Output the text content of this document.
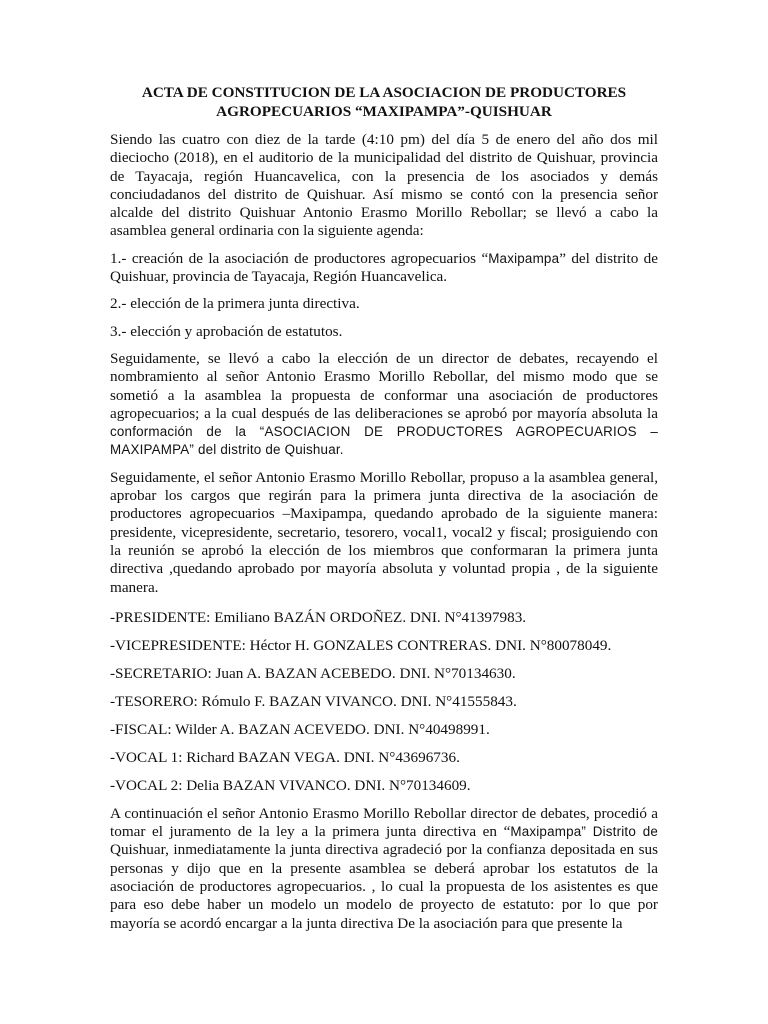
ACTA DE CONSTITUCION DE LA ASOCIACION DE PRODUCTORES
AGROPECUARIOS “MAXIPAMPA”-QUISHUAR

Siendo las cuatro con diez de la tarde (4:10 pm) del día 5 de enero del año dos mil dieciocho (2018), en el auditorio de la municipalidad del distrito de Quishuar, provincia de Tayacaja, región Huancavelica, con la presencia de los asociados y demás conciudadanos del distrito de Quishuar. Así mismo se contó con la presencia señor alcalde del distrito Quishuar Antonio Erasmo Morillo Rebollar; se llevó a cabo la asamblea general ordinaria con la siguiente agenda:

1.- creación de la asociación de productores agropecuarios “Maxipampa” del distrito de Quishuar, provincia de Tayacaja, Región Huancavelica.

2.- elección de la primera junta directiva.

3.- elección y aprobación de estatutos.

Seguidamente, se llevó a cabo la elección de un director de debates, recayendo el nombramiento al señor Antonio Erasmo Morillo Rebollar, del mismo modo que se sometió a la asamblea la propuesta de conformar una asociación de productores agropecuarios; a la cual después de las deliberaciones se aprobó por mayoría absoluta la conformación de la “ASOCIACION DE PRODUCTORES AGROPECUARIOS – MAXIPAMPA” del distrito de Quishuar.

Seguidamente, el señor Antonio Erasmo Morillo Rebollar, propuso a la asamblea general, aprobar los cargos que regirán para la primera junta directiva de la asociación de productores agropecuarios –Maxipampa, quedando aprobado de la siguiente manera: presidente, vicepresidente, secretario, tesorero, vocal1, vocal2 y fiscal; prosiguiendo con la reunión se aprobó la elección de los miembros que conformaran la primera junta directiva ,quedando aprobado por mayoría absoluta y voluntad propia , de la siguiente manera.

-PRESIDENTE: Emiliano BAZÁN ORDOÑEZ. DNI. N°41397983.
-VICEPRESIDENTE: Héctor H. GONZALES CONTRERAS. DNI. N°80078049.
-SECRETARIO: Juan A. BAZAN ACEBEDO. DNI. N°70134630.
-TESORERO: Rómulo F. BAZAN VIVANCO. DNI. N°41555843.
-FISCAL: Wilder A. BAZAN ACEVEDO. DNI. N°40498991.
-VOCAL 1: Richard BAZAN VEGA. DNI. N°43696736.
-VOCAL 2: Delia BAZAN VIVANCO. DNI. N°70134609.

A continuación el señor Antonio Erasmo Morillo Rebollar director de debates, procedió a tomar el juramento de la ley a la primera junta directiva en “Maxipampa” Distrito de Quishuar, inmediatamente la junta directiva agradeció por la confianza depositada en sus personas y dijo que en la presente asamblea se deberá aprobar los estatutos de la asociación de productores agropecuarios. , lo cual la propuesta de los asistentes es que para eso debe haber un modelo un modelo de proyecto de estatuto: por lo que por mayoría se acordó encargar a la junta directiva De la asociación para que presente la
